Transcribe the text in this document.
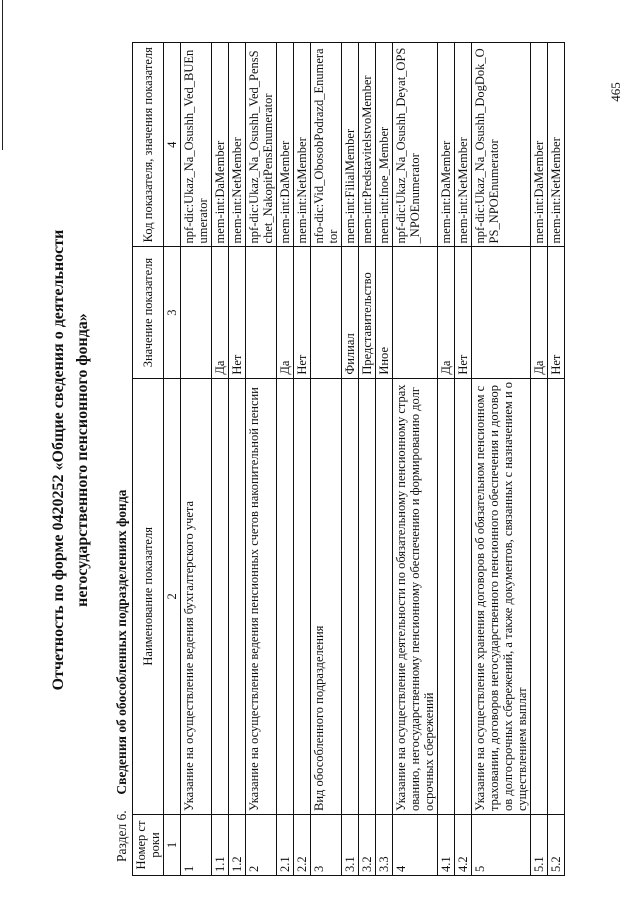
465
Отчетность по форме 0420252 «Общие сведения о деятельности негосударственного пенсионного фонда»
Раздел 6. Сведения об обособленных подразделениях фонда
Номер строки	Наименование показателя	Значение показателя	Код показателя, значения показателя
1	2	3	4
1	Указание на осуществление ведения бухгалтерского учета		npf-dic:Ukaz_Na_Osushh_Ved_BUEnumerator
1.1		Да	mem-int:DaMember
1.2		Нет	mem-int:NetMember
2	Указание на осуществление ведения пенсионных счетов накопительной пенсии		npf-dic:Ukaz_Na_Osushh_Ved_PensSchet_NakopitPensEnumerator
2.1		Да	mem-int:DaMember
2.2		Нет	mem-int:NetMember
3	Вид обособленного подразделения		nfo-dic:Vid_ObosobPodrazd_Enumerator
3.1		Филиал	mem-int:FilialMember
3.2		Представительство	mem-int:PredstavitelstvoMember
3.3		Иное	mem-int:Inoe_Member
4	Указание на осуществление деятельности по обязательному пенсионному страхованию, негосударственному пенсионному обеспечению и формированию долгосрочных сбережений		npf-dic:Ukaz_Na_Osushh_Deyat_OPS_NPOEnumerator
4.1		Да	mem-int:DaMember
4.2		Нет	mem-int:NetMember
5	Указание на осуществление хранения договоров об обязательном пенсионном страховании, договоров негосударственного пенсионного обеспечения и договоров долгосрочных сбережений, а также документов, связанных с назначением и осуществлением выплат		npf-dic:Ukaz_Na_Osushh_DogDok_OPS_NPOEnumerator
5.1		Да	mem-int:DaMember
5.2		Нет	mem-int:NetMember
